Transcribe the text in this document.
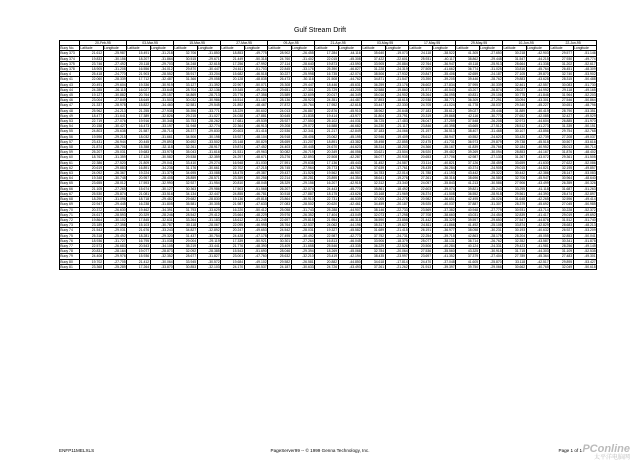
Gulf Stream Drift
	20-Feb-95		03-Mar-95		15-Mar-95		27-Mar-95		09-Apr-95		21-Apr-95		03-May-95		17-May-95		29-May-95		10-Jun-95		22-Jun-95	
Buoy No.	Latitude	Longitude	Latitude	Longitude	Latitude	Longitude	Latitude	Longitude	Latitude	Longitude	Latitude	Longitude	Latitude	Longitude	Latitude	Longitude	Latitude	Longitude	Latitude	Longitude	Latitude	Longitude
Buoy 373	21.612	-25.987	15.491	-31.218	32.706	-31.850	18.853	-49.775	28.902	-26.455	17.284	-44.116	35.640	-19.073	24.118	-38.522	41.305	-27.650	30.218	-42.903	29.577	-51.146
Buoy 374	19.833	-30.156	18.207	-31.864	30.515	-29.671	21.449	-50.318	24.760	-31.402	22.015	-45.308	37.422	-22.601	25.931	-40.117	38.862	-29.448	31.547	-44.215	27.930	-49.774
Buoy 375	23.746	-27.492	20.118	-29.703	34.248	-32.615	17.256	-47.992	27.114	-28.640	19.873	-43.590	33.905	-20.884	22.764	-36.947	40.118	-25.913	28.664	-41.338	31.202	-52.617
Buoy 378	18.905	-31.208	16.556	-34.012	29.870	-30.447	24.611	-51.703	22.845	-33.176	25.390	-46.827	31.228	-24.319	27.505	-41.662	36.774	-31.025	33.816	-45.764	26.451	-48.309
Buoy 4	25.418	-24.770	21.903	-28.552	35.917	-33.204	15.682	-46.518	30.227	-25.998	16.735	-42.074	38.506	-17.932	20.847	-35.406	42.659	-24.187	27.105	-39.870	32.740	-53.902
Buoy 41	22.060	-28.339	17.712	-32.487	31.366	-29.058	20.128	-48.835	26.473	-30.116	21.508	-44.762	34.871	-21.547	23.390	-39.205	39.446	-28.762	29.883	-43.628	28.315	-50.488
Buoy 43	20.491	-29.604	19.336	-30.919	33.127	-31.392	22.907	-50.071	25.308	-29.447	18.446	-45.631	36.259	-23.176	26.602	-37.834	37.995	-30.339	32.461	-42.557	30.083	-51.730
Buoy 44	24.285	-26.115	16.027	-33.645	28.704	-32.136	19.345	-49.204	29.651	-27.301	23.729	-43.205	32.588	-19.860	21.571	-40.543	43.207	-26.874	28.027	-44.992	29.118	-49.165
Buoy 45	19.127	-30.882	20.764	-29.157	34.869	-28.713	23.776	-47.356	23.589	-32.609	20.017	-46.349	35.016	-24.902	25.264	-36.095	40.831	-29.106	30.775	-41.846	31.964	-52.203
Buoy 46	23.004	-27.849	18.649	-31.503	30.032	-30.986	16.514	-51.187	28.136	-28.923	24.351	-44.487	37.893	-18.615	22.938	-38.771	36.309	-27.291	33.094	-43.301	27.546	-50.864
Buoy 47	21.337	-28.978	15.822	-34.460	32.581	-29.545	21.892	-48.467	27.872	-30.764	17.952	-42.618	33.447	-22.330	24.705	-41.024	41.778	-28.037	29.340	-45.227	30.651	-48.796
Buoy 48	25.962	-24.213	21.255	-27.938	35.396	-33.771	18.229	-50.602	24.013	-26.887	22.876	-45.910	38.962	-20.648	27.183	-35.612	39.027	-25.446	31.889	-40.419	28.790	-53.351
Buoy 49	18.477	-31.641	17.389	-32.826	29.215	-31.027	24.038	-47.881	30.645	-31.835	19.414	-43.977	31.804	-23.791	20.319	-39.868	42.116	-30.773	27.652	-42.085	32.427	-49.529
Buoy 53	22.719	-27.076	19.916	-30.348	33.753	-28.262	17.681	-49.539	25.927	-27.550	25.102	-44.031	36.725	-17.483	26.047	-37.259	37.548	-26.208	32.973	-44.604	26.885	-51.970
Buoy 54	20.158	-30.427	16.473	-33.197	31.948	-32.774	22.364	-46.913	29.208	-29.072	16.588	-46.682	34.230	-21.117	23.846	-40.398	43.665	-27.512	28.512	-41.273	31.339	-50.151
Buoy 55	24.803	-25.638	21.587	-28.714	28.377	-29.830	20.603	-51.416	22.536	-32.341	21.217	-42.849	37.183	-24.066	21.197	-36.513	38.407	-31.468	30.107	-43.856	29.754	-52.768
Buoy 56	19.596	-29.215	18.032	-31.661	34.506	-30.198	15.927	-48.104	26.918	-28.406	23.062	-45.195	32.946	-19.409	25.612	-38.947	40.552	-24.620	33.420	-42.739	27.208	-49.037
Buoy 57	23.431	-26.944	20.445	-29.893	30.692	-33.502	23.148	-50.829	28.659	-31.207	18.891	-43.382	35.498	-22.855	22.475	-41.731	36.973	-29.879	29.738	-45.518	30.507	-53.616
Buoy 58	21.874	-28.706	15.358	-32.118	32.261	-28.917	19.874	-47.452	24.403	-30.445	24.670	-44.623	38.314	-18.203	24.366	-35.167	41.839	-25.766	32.184	-40.952	28.013	-50.714
Buoy 59	25.207	-25.031	19.683	-33.975	35.043	-31.616	21.531	-49.963	30.082	-26.719	20.349	-46.056	33.621	-23.504	26.920	-39.482	39.269	-30.094	28.853	-44.167	31.876	-48.402
Buoy 60	18.763	-31.359	17.120	-30.582	29.538	-32.359	24.297	-48.671	23.276	-32.893	22.508	-42.287	36.077	-20.935	20.653	-37.706	42.987	-27.133	31.267	-43.072	29.361	-51.505
Buoy 61	22.386	-27.520	21.809	-29.041	33.410	-29.274	16.948	-51.030	27.591	-29.638	17.136	-45.443	31.452	-24.587	23.114	-40.821	37.126	-28.459	33.659	-41.630	27.622	-52.086
Buoy 62	20.619	-29.883	16.891	-34.236	31.176	-30.661	22.702	-47.215	25.745	-27.964	25.773	-43.768	37.639	-17.761	25.439	-36.284	40.374	-24.905	29.015	-44.821	32.195	-49.857
Buoy 63	24.092	-26.367	19.224	-31.379	34.695	-33.088	18.475	-49.387	29.437	-31.526	19.562	-46.907	34.783	-22.014	21.788	-41.193	43.442	-29.322	30.442	-42.386	28.147	-53.083
Buoy 64	19.348	-30.748	20.957	-28.408	28.859	-28.571	23.359	-50.256	22.214	-30.281	23.895	-44.354	38.641	-19.276	27.261	-38.316	38.696	-26.580	32.706	-45.947	30.964	-48.640
Buoy 65	23.655	-28.012	17.593	-32.990	32.927	-31.954	20.810	-48.045	28.329	-29.156	16.207	-42.915	32.312	-23.340	24.057	-35.843	41.213	-30.586	27.906	-43.499	26.359	-50.326
Buoy 66	21.105	-27.265	15.674	-30.127	30.363	-29.986	17.503	-51.568	26.207	-32.074	24.443	-45.770	35.861	-18.492	22.603	-39.074	39.821	-25.243	33.295	-41.118	31.687	-51.263
Buoy 67	25.530	-25.874	21.081	-33.516	34.134	-32.447	24.855	-46.781	30.518	-27.887	18.175	-43.626	33.168	-21.969	26.374	-41.508	36.552	-28.918	29.561	-44.390	28.474	-52.897
Buoy 68	18.290	-31.096	18.718	-29.482	29.682	-28.830	19.136	-49.818	23.864	-30.910	22.731	-46.539	37.005	-24.275	20.982	-36.651	42.495	-26.026	31.648	-42.265	32.596	-49.414
Buoy 69	22.947	-29.445	16.238	-31.805	35.581	-30.305	21.987	-47.633	27.083	-28.502	20.620	-42.461	34.459	-20.187	25.925	-40.037	37.887	-31.307	28.379	-45.692	27.045	-50.985
Buoy 70	20.372	-26.630	19.462	-34.391	31.793	-33.629	16.220	-50.412	25.058	-31.743	25.288	-44.907	38.146	-22.733	23.569	-37.382	40.948	-27.779	30.931	-43.714	30.228	-52.372
Buoy 71	24.617	-28.593	20.329	-28.246	28.542	-29.412	23.664	-48.229	29.976	-26.352	17.404	-43.049	32.073	-17.298	27.708	-38.660	43.031	-24.454	32.839	-41.417	29.019	-49.692
Buoy 72	19.864	-30.102	17.845	-32.631	33.264	-31.183	18.612	-51.245	22.697	-29.815	21.954	-46.318	36.590	-23.858	21.442	-35.329	39.597	-29.650	27.547	-44.876	31.512	-51.740
Buoy 73	23.189	-27.398	15.103	-30.787	30.118	-28.067	22.095	-46.995	28.764	-32.537	24.062	-44.196	35.317	-19.627	24.811	-41.866	41.492	-25.108	33.874	-42.829	28.683	-48.213
Buoy 74	21.543	-29.031	21.676	-33.243	34.827	-32.892	20.247	-49.653	24.542	-28.031	19.327	-45.582	31.689	-21.415	26.191	-36.977	38.058	-30.231	30.193	-40.632	26.927	-53.209
Buoy 75	25.318	-25.492	18.281	-29.320	31.437	-30.754	24.428	-47.178	27.495	-30.492	22.987	-42.773	37.752	-24.731	22.254	-39.715	42.863	-28.175	28.204	-45.055	32.853	-50.041
Buoy 76	18.936	-31.727	16.795	-31.038	29.004	-29.119	17.339	-50.921	30.301	-27.264	16.813	-46.045	33.906	-18.379	25.077	-38.131	36.714	-26.762	32.352	-43.587	30.341	-51.878
Buoy 77	22.573	-26.683	20.543	-34.105	35.219	-33.441	21.776	-48.390	23.409	-31.658	25.546	-43.335	36.229	-22.526	20.506	-40.284	40.124	-24.331	29.423	-41.981	28.256	-49.145
Buoy 78	20.831	-28.164	19.077	-28.873	32.092	-28.385	15.543	-51.690	28.046	-29.394	18.269	-45.066	32.784	-20.064	27.536	-35.560	43.325	-30.918	31.715	-44.303	31.109	-52.535
Buoy 79	24.406	-29.976	15.936	-32.352	28.677	-31.827	23.001	-47.760	25.632	-32.210	23.419	-42.194	38.435	-23.997	23.697	-41.352	37.379	-27.404	27.789	-45.364	27.483	-49.301
Buoy 80	19.702	-27.705	21.412	-30.064	33.945	-30.572	19.684	-49.102	29.582	-26.581	20.882	-44.850	34.618	-17.814	24.470	-37.048	41.605	-25.870	33.118	-42.517	29.895	-53.427
Buoy 81	23.368	-25.289	17.264	-33.870	30.853	-32.103	24.170	-50.537	24.187	-30.633	24.726	-43.493	37.261	-21.262	21.913	-39.397	39.750	-29.066	30.662	-40.765	32.049	-50.618
ENFP11MELXLS	PageServer99 -- © 1999 Genna Technology, Inc.	Page 1 of 1 PConline
太平洋电脑网
